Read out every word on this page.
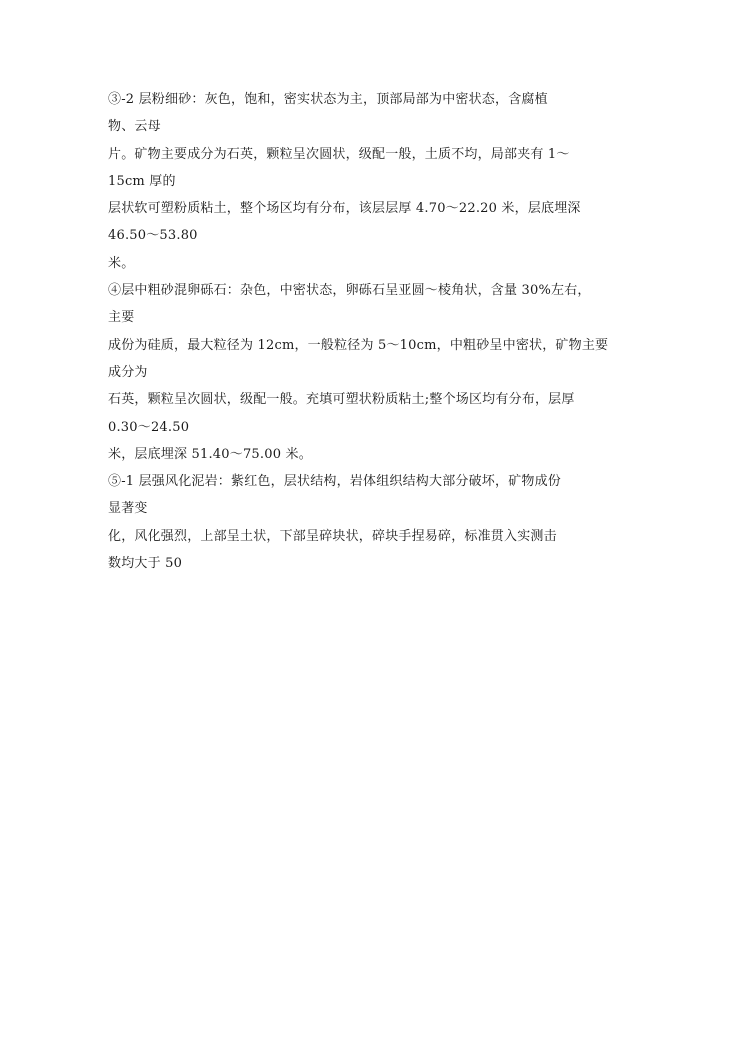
③-2 层粉细砂：灰色，饱和，密实状态为主，顶部局部为中密状态，含腐植
物、云母
片。矿物主要成分为石英，颗粒呈次圆状，级配一般，土质不均，局部夹有 1～
15cm 厚的
层状软可塑粉质粘土，整个场区均有分布，该层层厚 4.70～22.20 米，层底埋深
46.50～53.80
米。
④层中粗砂混卵砾石：杂色，中密状态，卵砾石呈亚圆～棱角状，含量 30%左右，
主要
成份为硅质，最大粒径为 12cm，一般粒径为 5～10cm，中粗砂呈中密状，矿物主要
成分为
石英，颗粒呈次圆状，级配一般。充填可塑状粉质粘土;整个场区均有分布，层厚
0.30～24.50
米，层底埋深 51.40～75.00 米。
⑤-1 层强风化泥岩：紫红色，层状结构，岩体组织结构大部分破坏，矿物成份
显著变
化，风化强烈，上部呈土状，下部呈碎块状，碎块手捏易碎，标准贯入实测击
数均大于 50
